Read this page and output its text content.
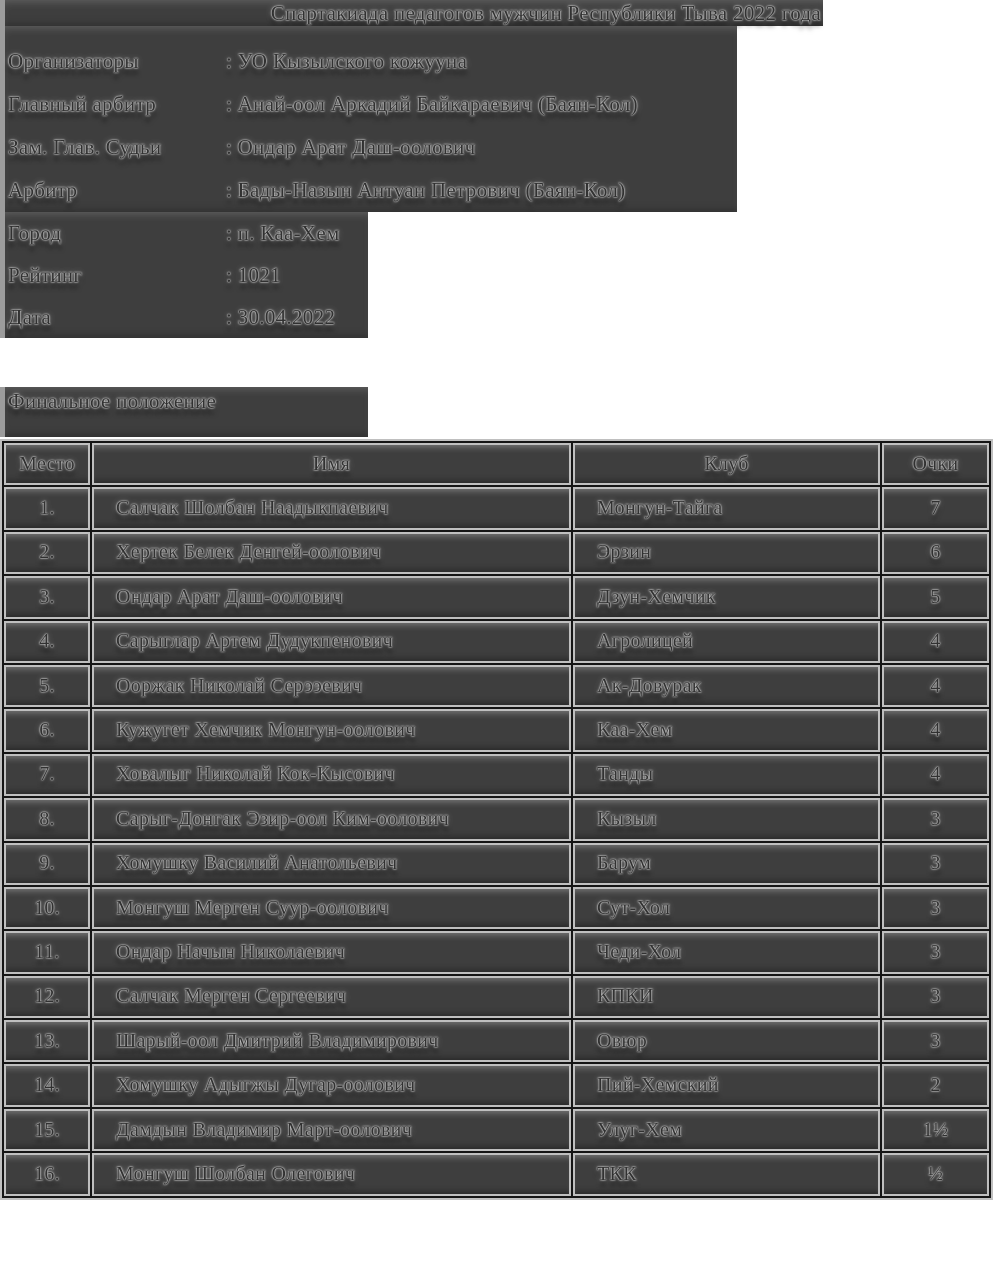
Спартакиада педагогов мужчин Республики Тыва 2022 года
Организаторы	: УО Кызылского кожууна
Главный арбитр	: Анай-оол Аркадий Байкараевич (Баян-Кол)
Зам. Глав. Судьи	: Ондар Арат Даш-оолович
Арбитр	: Бады-Назын Антуан Петрович (Баян-Кол)
Город	: п. Каа-Хем
Рейтинг	: 1021
Дата	: 30.04.2022
Финальное положение
Место	Имя	Клуб	Очки
1.	Салчак Шолбан Наадыкпаевич	Монгун-Тайга	7
2.	Хертек Белек Денгей-оолович	Эрзин	6
3.	Ондар Арат Даш-оолович	Дзун-Хемчик	5
4.	Сарыглар Артем Дудукпенович	Агролицей	4
5.	Ооржак Николай Серээевич	Ак-Довурак	4
6.	Кужугет Хемчик Монгун-оолович	Каа-Хем	4
7.	Ховалыг Николай Кок-Кысович	Танды	4
8.	Сарыг-Донгак Эзир-оол Ким-оолович	Кызыл	3
9.	Хомушку Василий Анатольевич	Барум	3
10.	Монгуш Мерген Суур-оолович	Сут-Хол	3
11.	Ондар Начын Николаевич	Чеди-Хол	3
12.	Салчак Мерген Сергеевич	КПКИ	3
13.	Шарый-оол Дмитрий Владимирович	Овюр	3
14.	Хомушку Адыгжы Дугар-оолович	Пий-Хемский	2
15.	Дамдын Владимир Март-оолович	Улуг-Хем	1½
16.	Монгуш Шолбан Олегович	ТКК	½
